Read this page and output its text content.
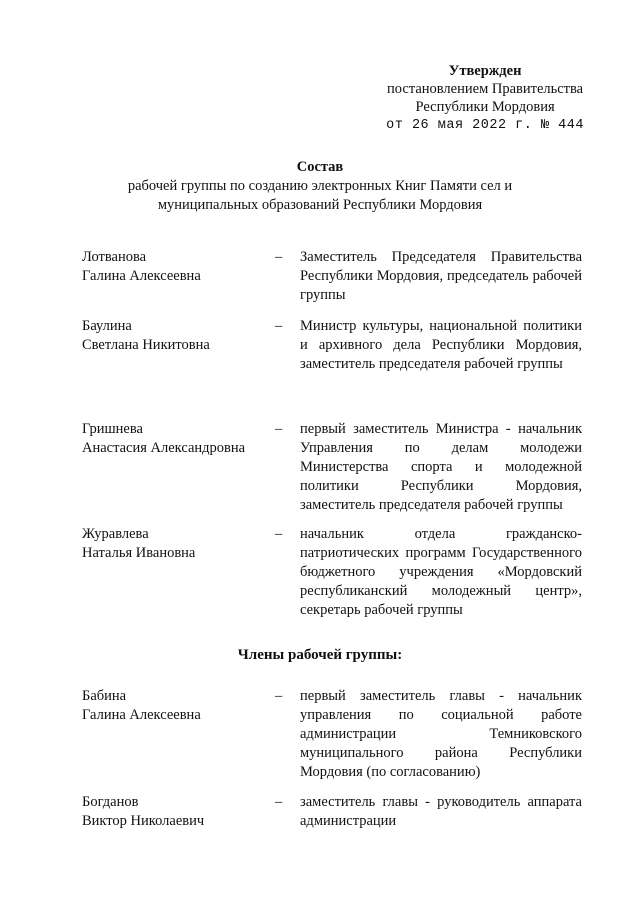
Утвержден
постановлением Правительства
Республики Мордовия
от 26 мая 2022 г. № 444
Состав
рабочей группы по созданию электронных Книг Памяти сел и
муниципальных образований Республики Мордовия
Лотванова
Галина Алексеевна
– Заместитель Председателя Правительства Республики Мордовия, председатель рабочей группы
Баулина
Светлана Никитовна
– Министр культуры, национальной политики и архивного дела Республики Мордовия, заместитель председателя рабочей группы
Гришнева
Анастасия Александровна
– первый заместитель Министра - начальник Управления по делам молодежи Министерства спорта и молодежной политики Республики Мордовия, заместитель председателя рабочей группы
Журавлева
Наталья Ивановна
– начальник отдела гражданско-патриотических программ Государственного бюджетного учреждения «Мордовский республиканский молодежный центр», секретарь рабочей группы
Члены рабочей группы:
Бабина
Галина Алексеевна
– первый заместитель главы - начальник управления по социальной работе администрации Темниковского муниципального района Республики Мордовия (по согласованию)
Богданов
Виктор Николаевич
– заместитель главы - руководитель аппарата администрации
